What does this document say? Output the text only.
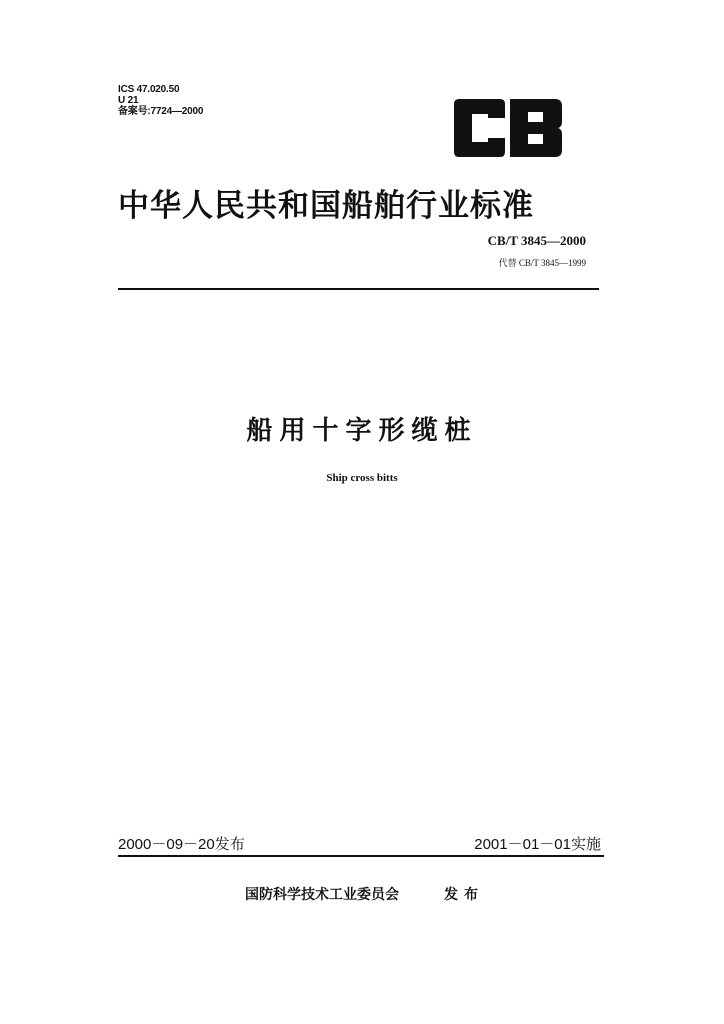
ICS 47.020.50
U 21
备案号:7724—2000
中华人民共和国船舶行业标准
CB/T 3845—2000
代替 CB/T 3845—1999
船用十字形缆桩
Ship cross bitts
2000－09－20发布	2001－01－01实施
国防科学技术工业委员会	发布
